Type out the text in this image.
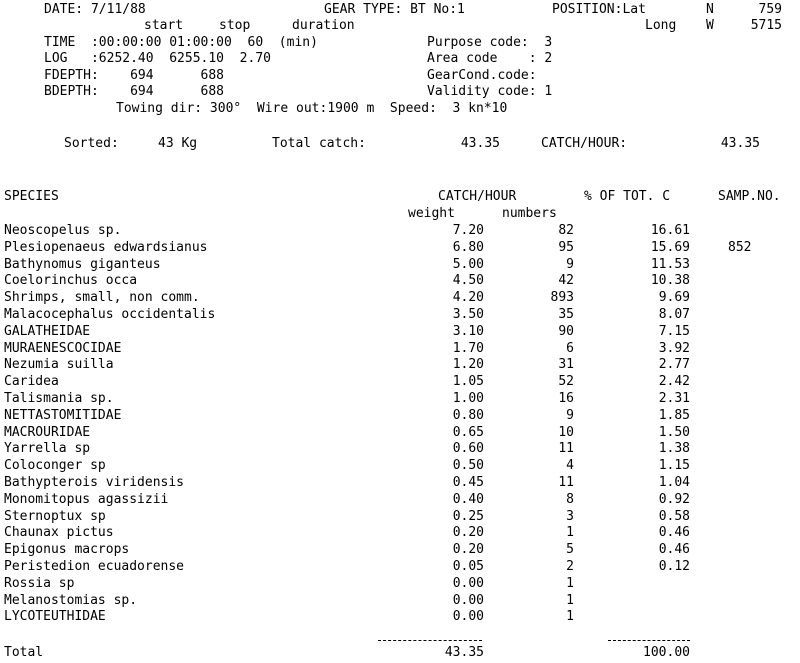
DATE: 7/11/88	GEAR TYPE: BT No:1	POSITION:Lat	N	759
start	stop	duration	Long W	5715
TIME  :00:00:00 01:00:00  60  (min)
LOG   :6252.40  6255.10  2.70
FDEPTH:    694      688
BDEPTH:    694      688
Purpose code:  3
Area code    : 2
GearCond.code:
Validity code: 1
Towing dir: 300°  Wire out:1900 m  Speed:  3 kn*10
Sorted:	43 Kg	Total catch:	43.35	CATCH/HOUR:	43.35
SPECIES	CATCH/HOUR	% OF TOT. C	SAMP.NO.
weight	numbers
Neoscopelus sp.	7.20	82	16.61
Plesiopenaeus edwardsianus	6.80	95	15.69	852
Bathynomus giganteus	5.00	9	11.53
Coelorinchus occa	4.50	42	10.38
Shrimps, small, non comm.	4.20	893	9.69
Malacocephalus occidentalis	3.50	35	8.07
GALATHEIDAE	3.10	90	7.15
MURAENESCOCIDAE	1.70	6	3.92
Nezumia suilla	1.20	31	2.77
Caridea	1.05	52	2.42
Talismania sp.	1.00	16	2.31
NETTASTOMITIDAE	0.80	9	1.85
MACROURIDAE	0.65	10	1.50
Yarrella sp	0.60	11	1.38
Coloconger sp	0.50	4	1.15
Bathypterois viridensis	0.45	11	1.04
Monomitopus agassizii	0.40	8	0.92
Sternoptux sp	0.25	3	0.58
Chaunax pictus	0.20	1	0.46
Epigonus macrops	0.20	5	0.46
Peristedion ecuadorense	0.05	2	0.12
Rossia sp	0.00	1
Melanostomias sp.	0.00	1
LYCOTEUTHIDAE	0.00	1
Total	43.35	100.00
